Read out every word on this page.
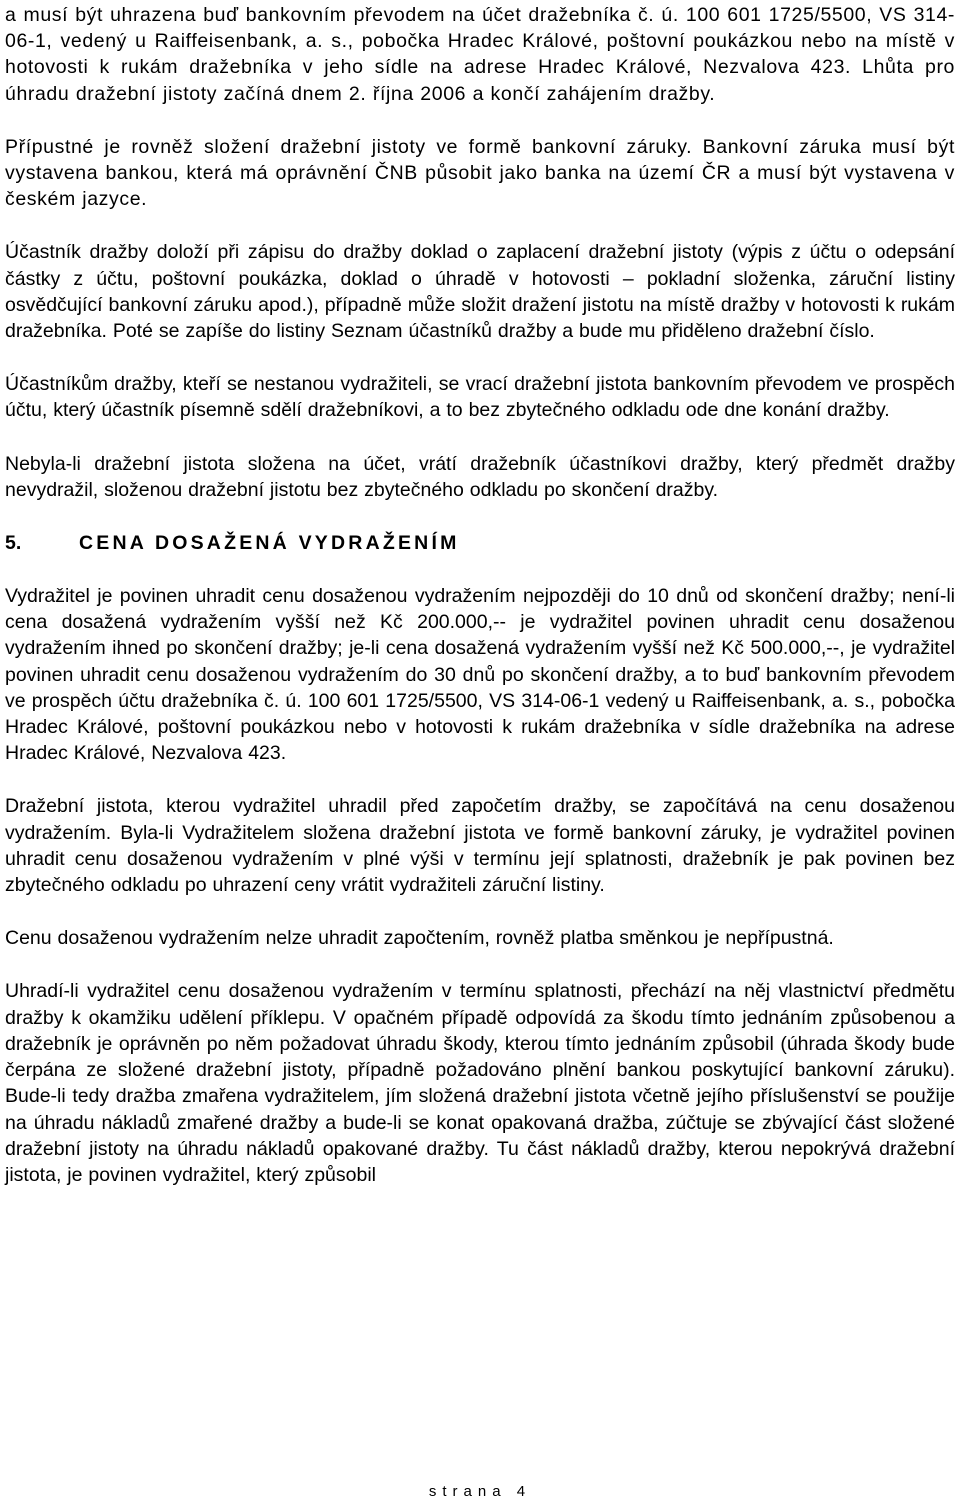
a musí být uhrazena buď bankovním převodem na účet dražebníka č. ú. 100 601 1725/5500, VS 314-06-1, vedený u Raiffeisenbank, a. s., pobočka Hradec Králové, poštovní poukázkou nebo na místě v hotovosti k rukám dražebníka v jeho sídle na adrese Hradec Králové, Nezvalova 423. Lhůta pro úhradu dražební jistoty začíná dnem 2. října 2006 a končí zahájením dražby.

Přípustné je rovněž složení dražební jistoty ve formě bankovní záruky. Bankovní záruka musí být vystavena bankou, která má oprávnění ČNB působit jako banka na území ČR a musí být vystavena v českém jazyce.

Účastník dražby doloží při zápisu do dražby doklad o zaplacení dražební jistoty (výpis z účtu o odepsání částky z účtu, poštovní poukázka, doklad o úhradě v hotovosti – pokladní složenka, záruční listiny osvědčující bankovní záruku apod.), případně může složit dražení jistotu na místě dražby v hotovosti k rukám dražebníka. Poté se zapíše do listiny Seznam účastníků dražby a bude mu přiděleno dražební číslo.

Účastníkům dražby, kteří se nestanou vydražiteli, se vrací dražební jistota bankovním převodem ve prospěch účtu, který účastník písemně sdělí dražebníkovi, a to bez zbytečného odkladu ode dne konání dražby.

Nebyla-li dražební jistota složena na účet, vrátí dražebník účastníkovi dražby, který předmět dražby nevydražil, složenou dražební jistotu bez zbytečného odkladu po skončení dražby.

5.	CENA DOSAŽENÁ VYDRAŽENÍM

Vydražitel je povinen uhradit cenu dosaženou vydražením nejpozději do 10 dnů od skončení dražby; není-li cena dosažená vydražením vyšší než Kč 200.000,-- je vydražitel povinen uhradit cenu dosaženou vydražením ihned po skončení dražby; je-li cena dosažená vydražením vyšší než Kč 500.000,--, je vydražitel povinen uhradit cenu dosaženou vydražením do 30 dnů po skončení dražby, a to buď bankovním převodem ve prospěch účtu dražebníka č. ú. 100 601 1725/5500, VS 314-06-1 vedený u Raiffeisenbank, a. s., pobočka Hradec Králové, poštovní poukázkou nebo v hotovosti k rukám dražebníka v sídle dražebníka na adrese Hradec Králové, Nezvalova 423.

Dražební jistota, kterou vydražitel uhradil před započetím dražby, se započítává na cenu dosaženou vydražením. Byla-li Vydražitelem složena dražební jistota ve formě bankovní záruky, je vydražitel povinen uhradit cenu dosaženou vydražením v plné výši v termínu její splatnosti, dražebník je pak povinen bez zbytečného odkladu po uhrazení ceny vrátit vydražiteli záruční listiny.

Cenu dosaženou vydražením nelze uhradit započtením, rovněž platba směnkou je nepřípustná.

Uhradí-li vydražitel cenu dosaženou vydražením v termínu splatnosti, přechází na něj vlastnictví předmětu dražby k okamžiku udělení příklepu. V opačném případě odpovídá za škodu tímto jednáním způsobenou a dražebník je oprávněn po něm požadovat úhradu škody, kterou tímto jednáním způsobil (úhrada škody bude čerpána ze složené dražební jistoty, případně požadováno plnění bankou poskytující bankovní záruku). Bude-li tedy dražba zmařena vydražitelem, jím složená dražební jistota včetně jejího příslušenství se použije na úhradu nákladů zmařené dražby a bude-li se konat opakovaná dražba, zúčtuje se zbývající část složené dražební jistoty na úhradu nákladů opakované dražby. Tu část nákladů dražby, kterou nepokrývá dražební jistota, je povinen vydražitel, který způsobil

strana 4
